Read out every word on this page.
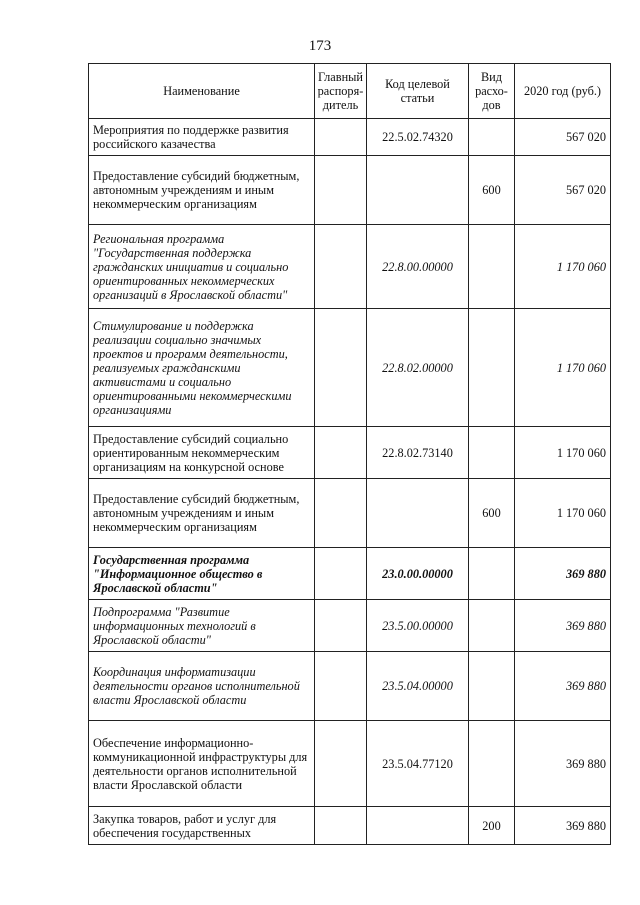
173
Наименование	Главный распоря-дитель	Код целевой статьи	Вид расхо-дов	2020 год (руб.)
Мероприятия по поддержке развития российского казачества		22.5.02.74320		567 020
Предоставление субсидий бюджетным, автономным учреждениям и иным некоммерческим организациям			600	567 020
Региональная программа "Государственная поддержка гражданских инициатив и социально ориентированных некоммерческих организаций в Ярославской области"		22.8.00.00000		1 170 060
Стимулирование и поддержка реализации социально значимых проектов и программ деятельности, реализуемых гражданскими активистами и социально ориентированными некоммерческими организациями		22.8.02.00000		1 170 060
Предоставление субсидий социально ориентированным некоммерческим организациям на конкурсной основе		22.8.02.73140		1 170 060
Предоставление субсидий бюджетным, автономным учреждениям и иным некоммерческим организациям			600	1 170 060
Государственная программа "Информационное общество в Ярославской области"		23.0.00.00000		369 880
Подпрограмма "Развитие информационных технологий в Ярославской области"		23.5.00.00000		369 880
Координация информатизации деятельности органов исполнительной власти Ярославской области		23.5.04.00000		369 880
Обеспечение информационно-коммуникационной инфраструктуры для деятельности органов исполнительной власти Ярославской области		23.5.04.77120		369 880
Закупка товаров, работ и услуг для обеспечения государственных			200	369 880
